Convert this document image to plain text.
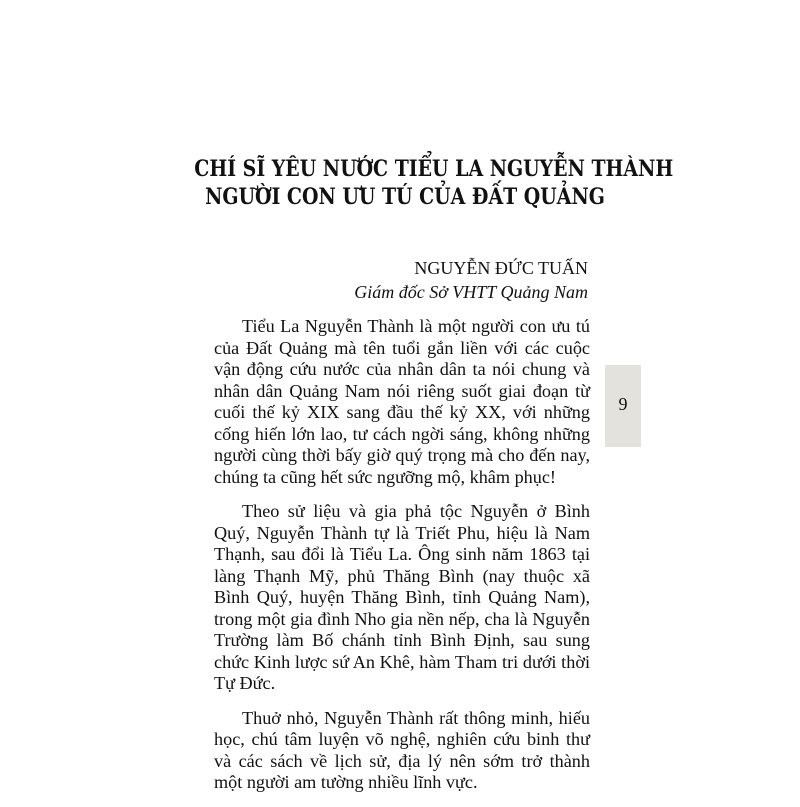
CHÍ SĨ YÊU NƯỚC TIỂU LA NGUYỄN THÀNH
NGƯỜI CON ƯU TÚ CỦA ĐẤT QUẢNG
NGUYỄN ĐỨC TUẤN
Giám đốc Sở VHTT Quảng Nam

Tiểu La Nguyễn Thành là một người con ưu tú của Đất Quảng mà tên tuổi gắn liền với các cuộc vận động cứu nước của nhân dân ta nói chung và nhân dân Quảng Nam nói riêng suốt giai đoạn từ cuối thế kỷ XIX sang đầu thế kỷ XX, với những cống hiến lớn lao, tư cách ngời sáng, không những người cùng thời bấy giờ quý trọng mà cho đến nay, chúng ta cũng hết sức ngưỡng mộ, khâm phục!

Theo sử liệu và gia phả tộc Nguyễn ở Bình Quý, Nguyễn Thành tự là Triết Phu, hiệu là Nam Thạnh, sau đổi là Tiểu La. Ông sinh năm 1863 tại làng Thạnh Mỹ, phủ Thăng Bình (nay thuộc xã Bình Quý, huyện Thăng Bình, tỉnh Quảng Nam), trong một gia đình Nho gia nền nếp, cha là Nguyễn Trường làm Bố chánh tỉnh Bình Định, sau sung chức Kinh lược sứ An Khê, hàm Tham tri dưới thời Tự Đức.

Thuở nhỏ, Nguyễn Thành rất thông minh, hiếu học, chú tâm luyện võ nghệ, nghiên cứu binh thư và các sách về lịch sử, địa lý nên sớm trở thành một người am tường nhiều lĩnh vực.

9
